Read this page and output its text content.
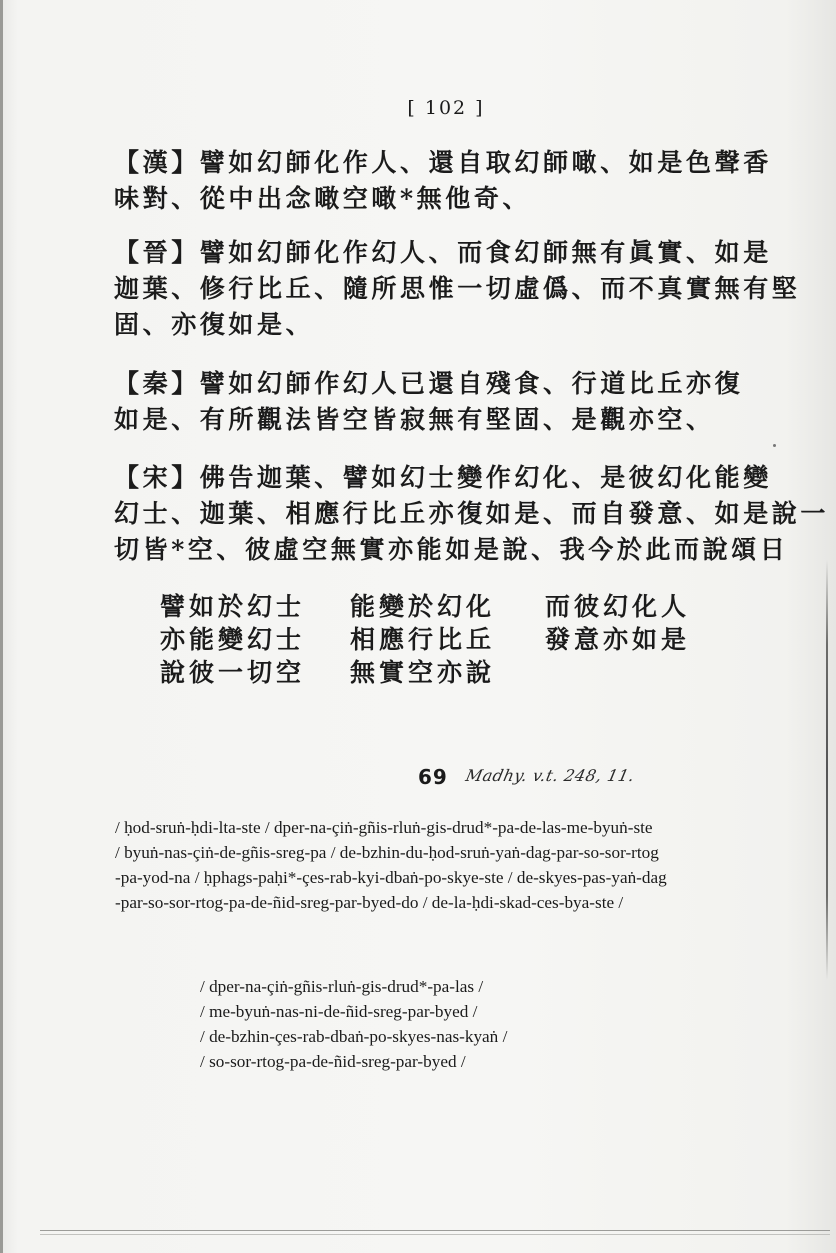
[ 102 ]
【漢】譬如幻師化作人、還自取幻師噉、如是色聲香
味對、從中出念噉空噉*無他奇、
【晉】譬如幻師化作幻人、而食幻師無有眞實、如是
迦葉、修行比丘、隨所思惟一切虛僞、而不真實無有堅
固、亦復如是、
【秦】譬如幻師作幻人已還自殘食、行道比丘亦復
如是、有所觀法皆空皆寂無有堅固、是觀亦空、
【宋】佛告迦葉、譬如幻士變作幻化、是彼幻化能變
幻士、迦葉、相應行比丘亦復如是、而自發意、如是說一
切皆*空、彼虛空無實亦能如是說、我今於此而說頌日
譬如於幻士	能變於幻化	而彼幻化人
亦能變幻士	相應行比丘	發意亦如是
說彼一切空	無實空亦說
69 Madhy. v.t. 248, 11.
/ ḥod-sruṅ-ḥdi-lta-ste / dper-na-çiṅ-gñis-rluṅ-gis-drud*-pa-de-las-me-byuṅ-ste
/ byuṅ-nas-çiṅ-de-gñis-sreg-pa / de-bzhin-du-ḥod-sruṅ-yaṅ-dag-par-so-sor-rtog
-pa-yod-na / ḥphags-paḥi*-çes-rab-kyi-dbaṅ-po-skye-ste / de-skyes-pas-yaṅ-dag
-par-so-sor-rtog-pa-de-ñid-sreg-par-byed-do / de-la-ḥdi-skad-ces-bya-ste /
/ dper-na-çiṅ-gñis-rluṅ-gis-drud*-pa-las /
/ me-byuṅ-nas-ni-de-ñid-sreg-par-byed /
/ de-bzhin-çes-rab-dbaṅ-po-skyes-nas-kyaṅ /
/ so-sor-rtog-pa-de-ñid-sreg-par-byed /
